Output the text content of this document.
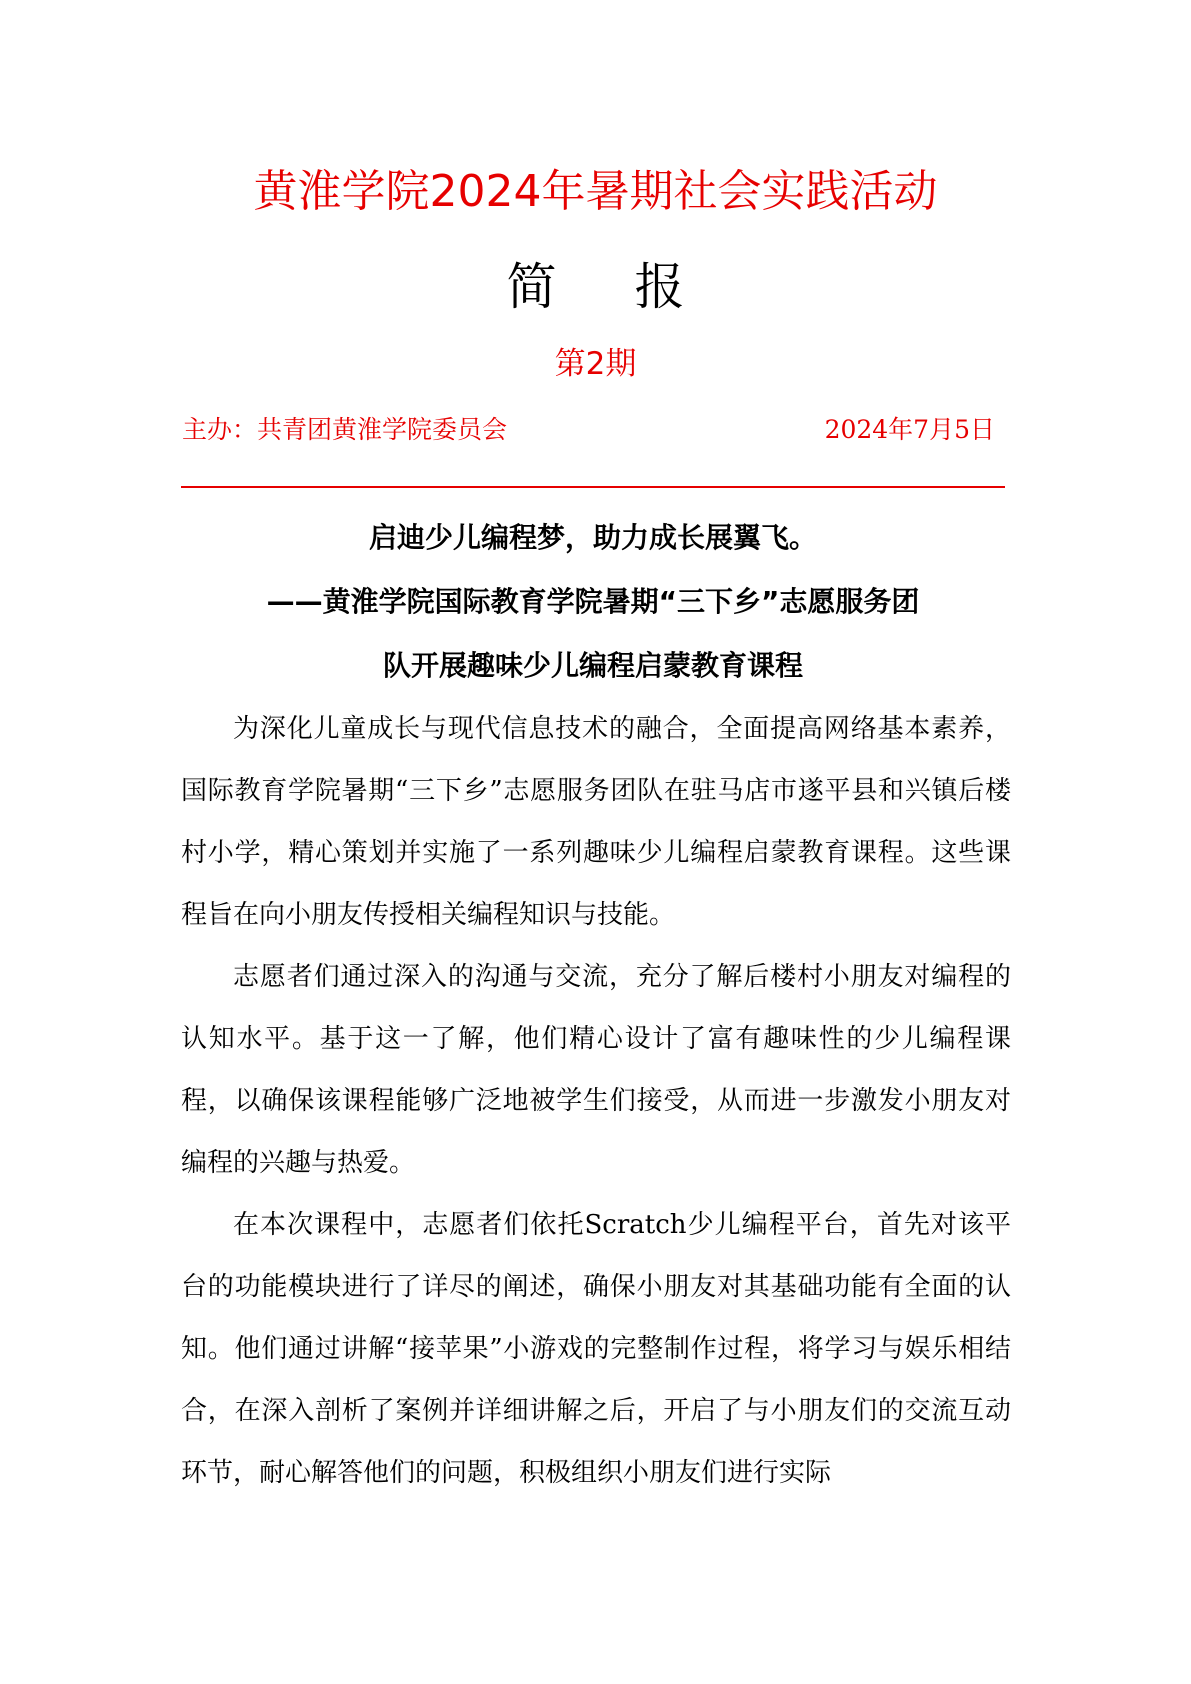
黄淮学院2024年暑期社会实践活动
简报
第2期
主办：共青团黄淮学院委员会	2024年7月5日
启迪少儿编程梦，助力成长展翼飞。
——黄淮学院国际教育学院暑期“三下乡”志愿服务团
队开展趣味少儿编程启蒙教育课程

为深化儿童成长与现代信息技术的融合，全面提高网络基本素养，国际教育学院暑期“三下乡”志愿服务团队在驻马店市遂平县和兴镇后楼村小学，精心策划并实施了一系列趣味少儿编程启蒙教育课程。这些课程旨在向小朋友传授相关编程知识与技能。

志愿者们通过深入的沟通与交流，充分了解后楼村小朋友对编程的认知水平。基于这一了解，他们精心设计了富有趣味性的少儿编程课程，以确保该课程能够广泛地被学生们接受，从而进一步激发小朋友对编程的兴趣与热爱。

在本次课程中，志愿者们依托Scratch少儿编程平台，首先对该平台的功能模块进行了详尽的阐述，确保小朋友对其基础功能有全面的认知。他们通过讲解“接苹果”小游戏的完整制作过程，将学习与娱乐相结合，在深入剖析了案例并详细讲解之后，开启了与小朋友们的交流互动环节，耐心解答他们的问题，积极组织小朋友们进行实际
